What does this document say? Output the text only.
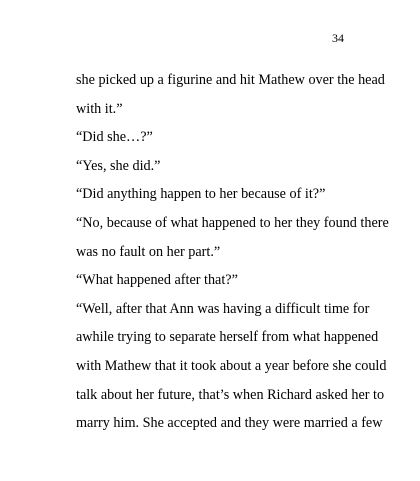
34
she picked up a figurine and hit Mathew over the head
with it.”
“Did she…?”
“Yes, she did.”
“Did anything happen to her because of it?”
“No, because of what happened to her they found there
was no fault on her part.”
“What happened after that?”
“Well, after that Ann was having a difficult time for
awhile trying to separate herself from what happened
with Mathew that it took about a year before she could
talk about her future, that’s when Richard asked her to
marry him. She accepted and they were married a few
